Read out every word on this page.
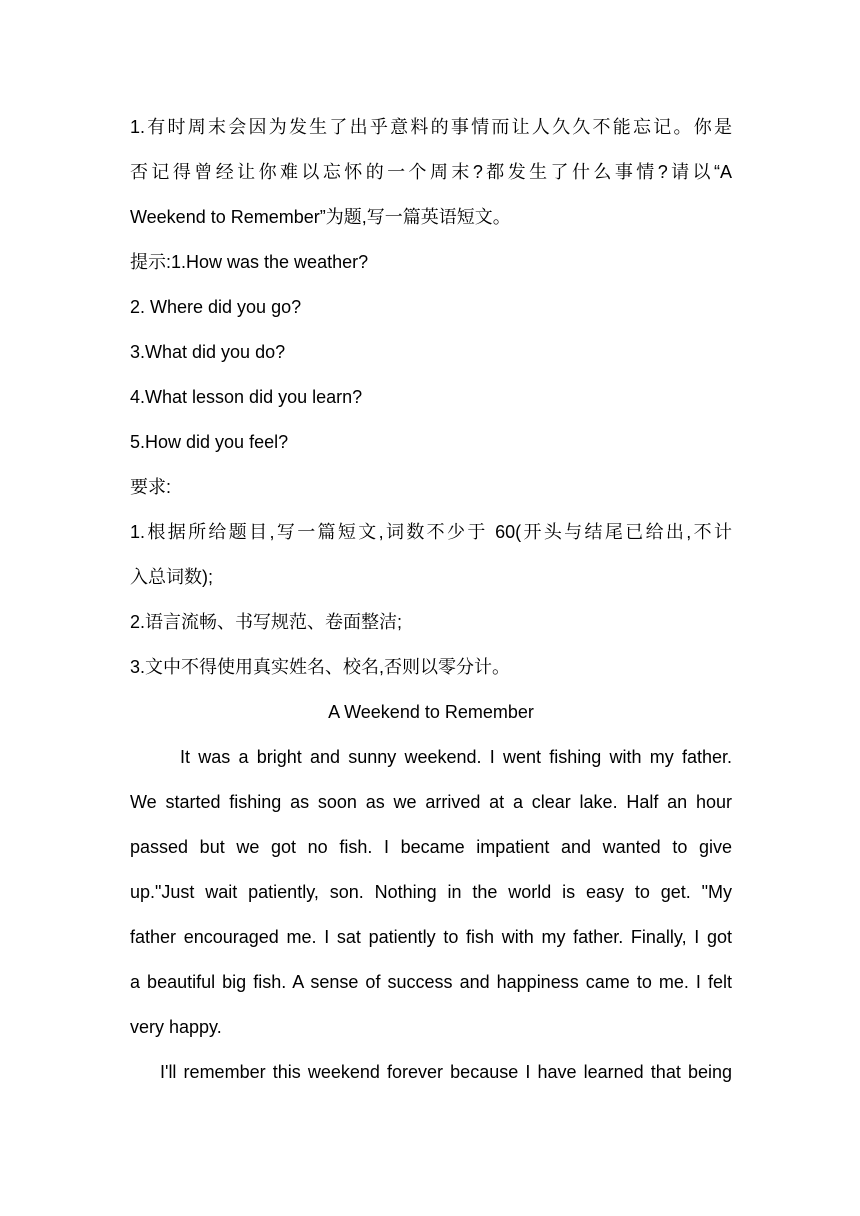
1.有时周末会因为发生了出乎意料的事情而让人久久不能忘记。你是
否记得曾经让你难以忘怀的一个周末?都发生了什么事情?请以“A
Weekend to Remember”为题,写一篇英语短文。
提示:1.How was the weather?
2. Where did you go?
3.What did you do?
4.What lesson did you learn?
5.How did you feel?
要求:
1.根据所给题目,写一篇短文,词数不少于 60(开头与结尾已给出,不计
入总词数);
2.语言流畅、书写规范、卷面整洁;
3.文中不得使用真实姓名、校名,否则以零分计。
A Weekend to Remember
It was a bright and sunny weekend. I went fishing with my father.
We started fishing as soon as we arrived at a clear lake. Half an hour
passed but we got no fish. I became impatient and wanted to give
up."Just wait patiently, son. Nothing in the world is easy to get. "My
father encouraged me. I sat patiently to fish with my father. Finally, I got
a beautiful big fish. A sense of success and happiness came to me. I felt
very happy.
I'll remember this weekend forever because I have learned that being
